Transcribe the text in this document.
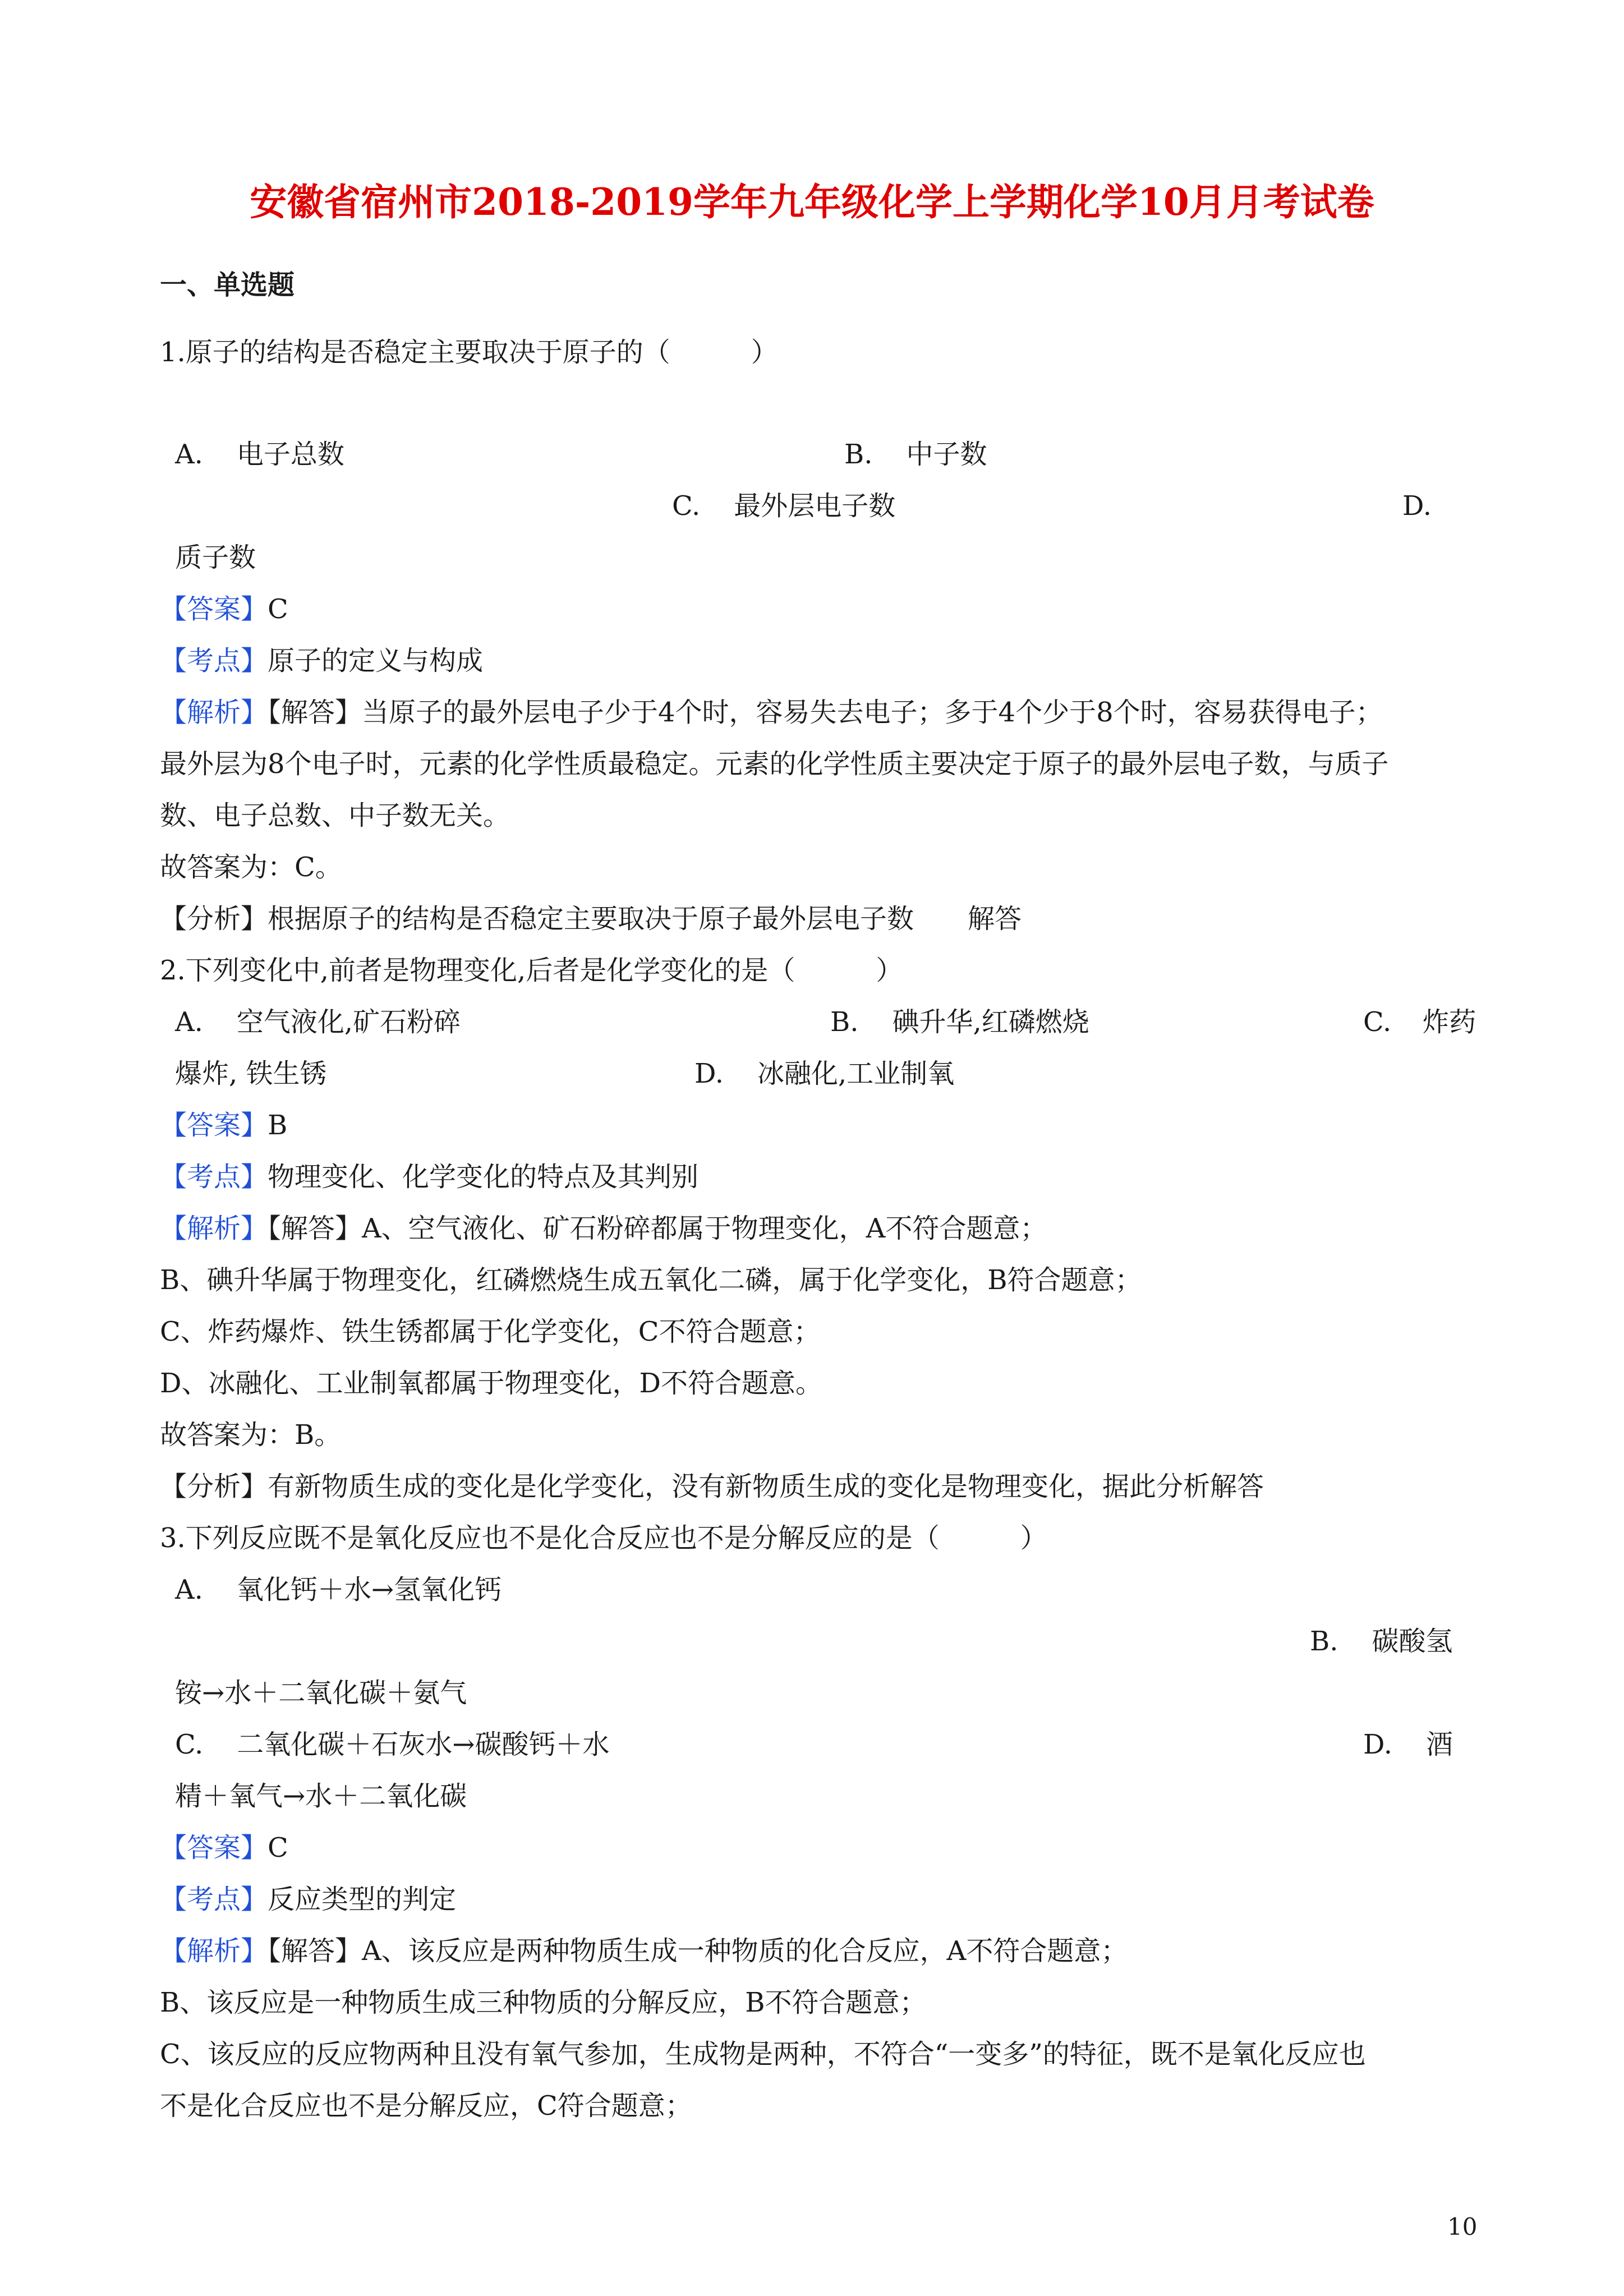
安徽省宿州市2018-2019学年九年级化学上学期化学10月月考试卷
一、单选题
1.原子的结构是否稳定主要取决于原子的（　　　）
A. 电子总数	B. 中子数
C. 最外层电子数	D.
质子数
【答案】C
【考点】原子的定义与构成
【解析】【解答】当原子的最外层电子少于4个时，容易失去电子；多于4个少于8个时，容易获得电子；
最外层为8个电子时，元素的化学性质最稳定。元素的化学性质主要决定于原子的最外层电子数，与质子
数、电子总数、中子数无关。
故答案为：C。
【分析】根据原子的结构是否稳定主要取决于原子最外层电子数　　解答
2.下列变化中,前者是物理变化,后者是化学变化的是（　　　）
A. 空气液化,矿石粉碎	B. 碘升华,红磷燃烧	C. 炸药
爆炸, 铁生锈	D. 冰融化,工业制氧
【答案】B
【考点】物理变化、化学变化的特点及其判别
【解析】【解答】A、空气液化、矿石粉碎都属于物理变化，A不符合题意；
B、碘升华属于物理变化，红磷燃烧生成五氧化二磷，属于化学变化，B符合题意；
C、炸药爆炸、铁生锈都属于化学变化，C不符合题意；
D、冰融化、工业制氧都属于物理变化，D不符合题意。
故答案为：B。
【分析】有新物质生成的变化是化学变化，没有新物质生成的变化是物理变化，据此分析解答
3.下列反应既不是氧化反应也不是化合反应也不是分解反应的是（　　　）
A. 氧化钙＋水→氢氧化钙
B. 碳酸氢
铵→水＋二氧化碳＋氨气
C. 二氧化碳＋石灰水→碳酸钙＋水	D. 酒
精＋氧气→水＋二氧化碳
【答案】C
【考点】反应类型的判定
【解析】【解答】A、该反应是两种物质生成一种物质的化合反应，A不符合题意；
B、该反应是一种物质生成三种物质的分解反应，B不符合题意；
C、该反应的反应物两种且没有氧气参加，生成物是两种，不符合“一变多”的特征，既不是氧化反应也
不是化合反应也不是分解反应，C符合题意；
10
